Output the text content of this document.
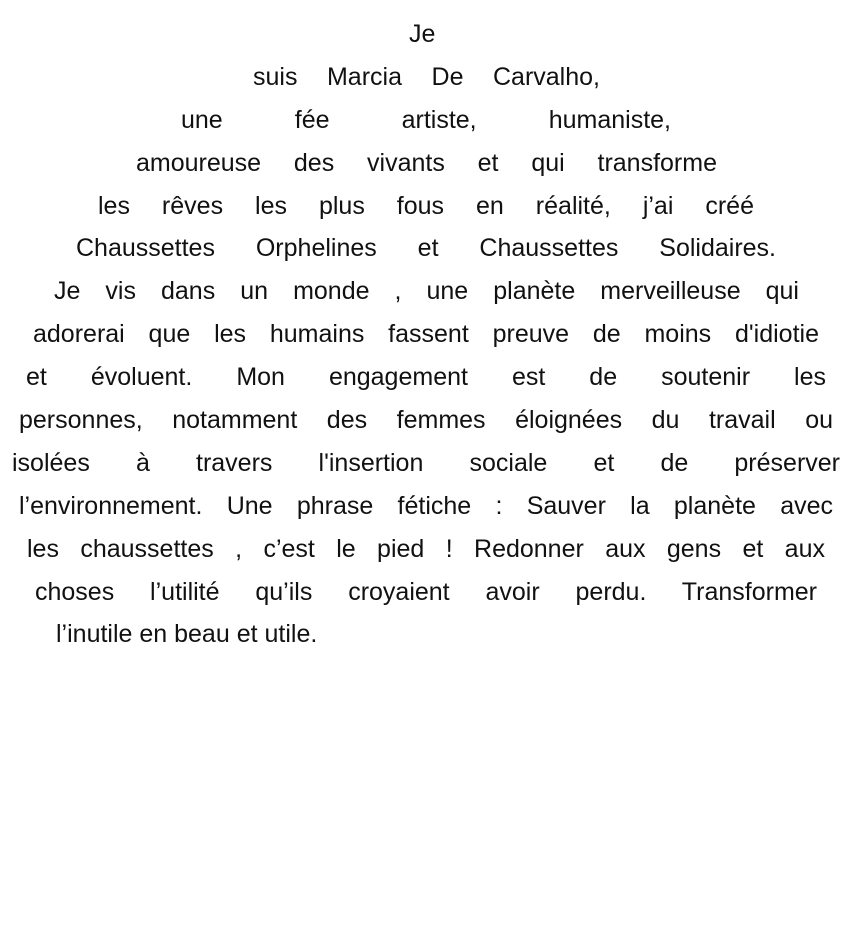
Je
suis Marcia De Carvalho,
une fée artiste, humaniste,
amoureuse des vivants et qui transforme
les rêves les plus fous en réalité, j’ai créé
Chaussettes Orphelines et Chaussettes Solidaires.
Je vis dans un monde , une planète merveilleuse qui
adorerai que les humains fassent preuve de moins d'idiotie
et évoluent. Mon engagement est de soutenir les
personnes, notamment des femmes éloignées du travail ou
isolées à travers l'insertion sociale et de préserver
l’environnement. Une phrase fétiche : Sauver la planète avec
les chaussettes , c’est le pied ! Redonner aux gens et aux
choses l’utilité qu’ils croyaient avoir perdu. Transformer
l’inutile en beau et utile.
